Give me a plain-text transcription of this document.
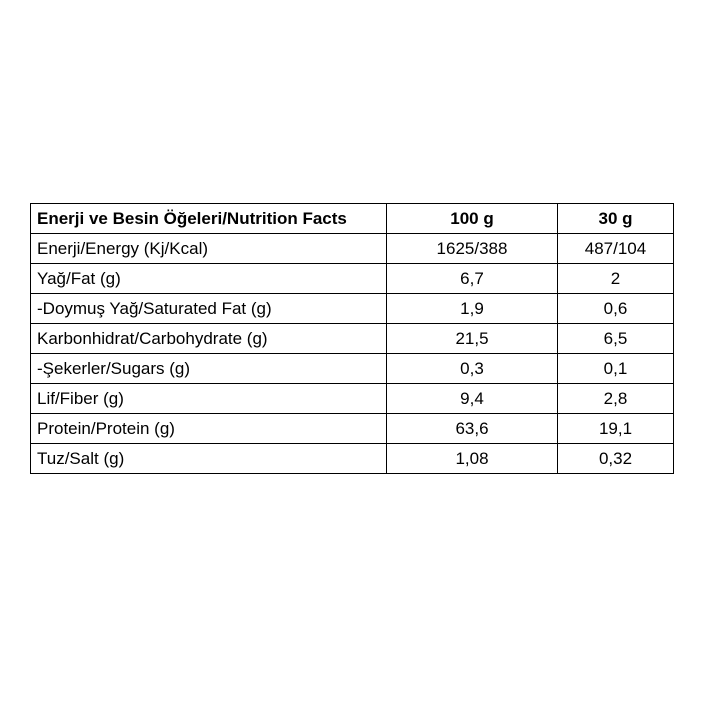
Enerji ve Besin Öğeleri/Nutrition Facts	100 g	30 g
Enerji/Energy (Kj/Kcal)	1625/388	487/104
Yağ/Fat (g)	6,7	2
-Doymuş Yağ/Saturated Fat (g)	1,9	0,6
Karbonhidrat/Carbohydrate (g)	21,5	6,5
-Şekerler/Sugars (g)	0,3	0,1
Lif/Fiber (g)	9,4	2,8
Protein/Protein (g)	63,6	19,1
Tuz/Salt (g)	1,08	0,32
